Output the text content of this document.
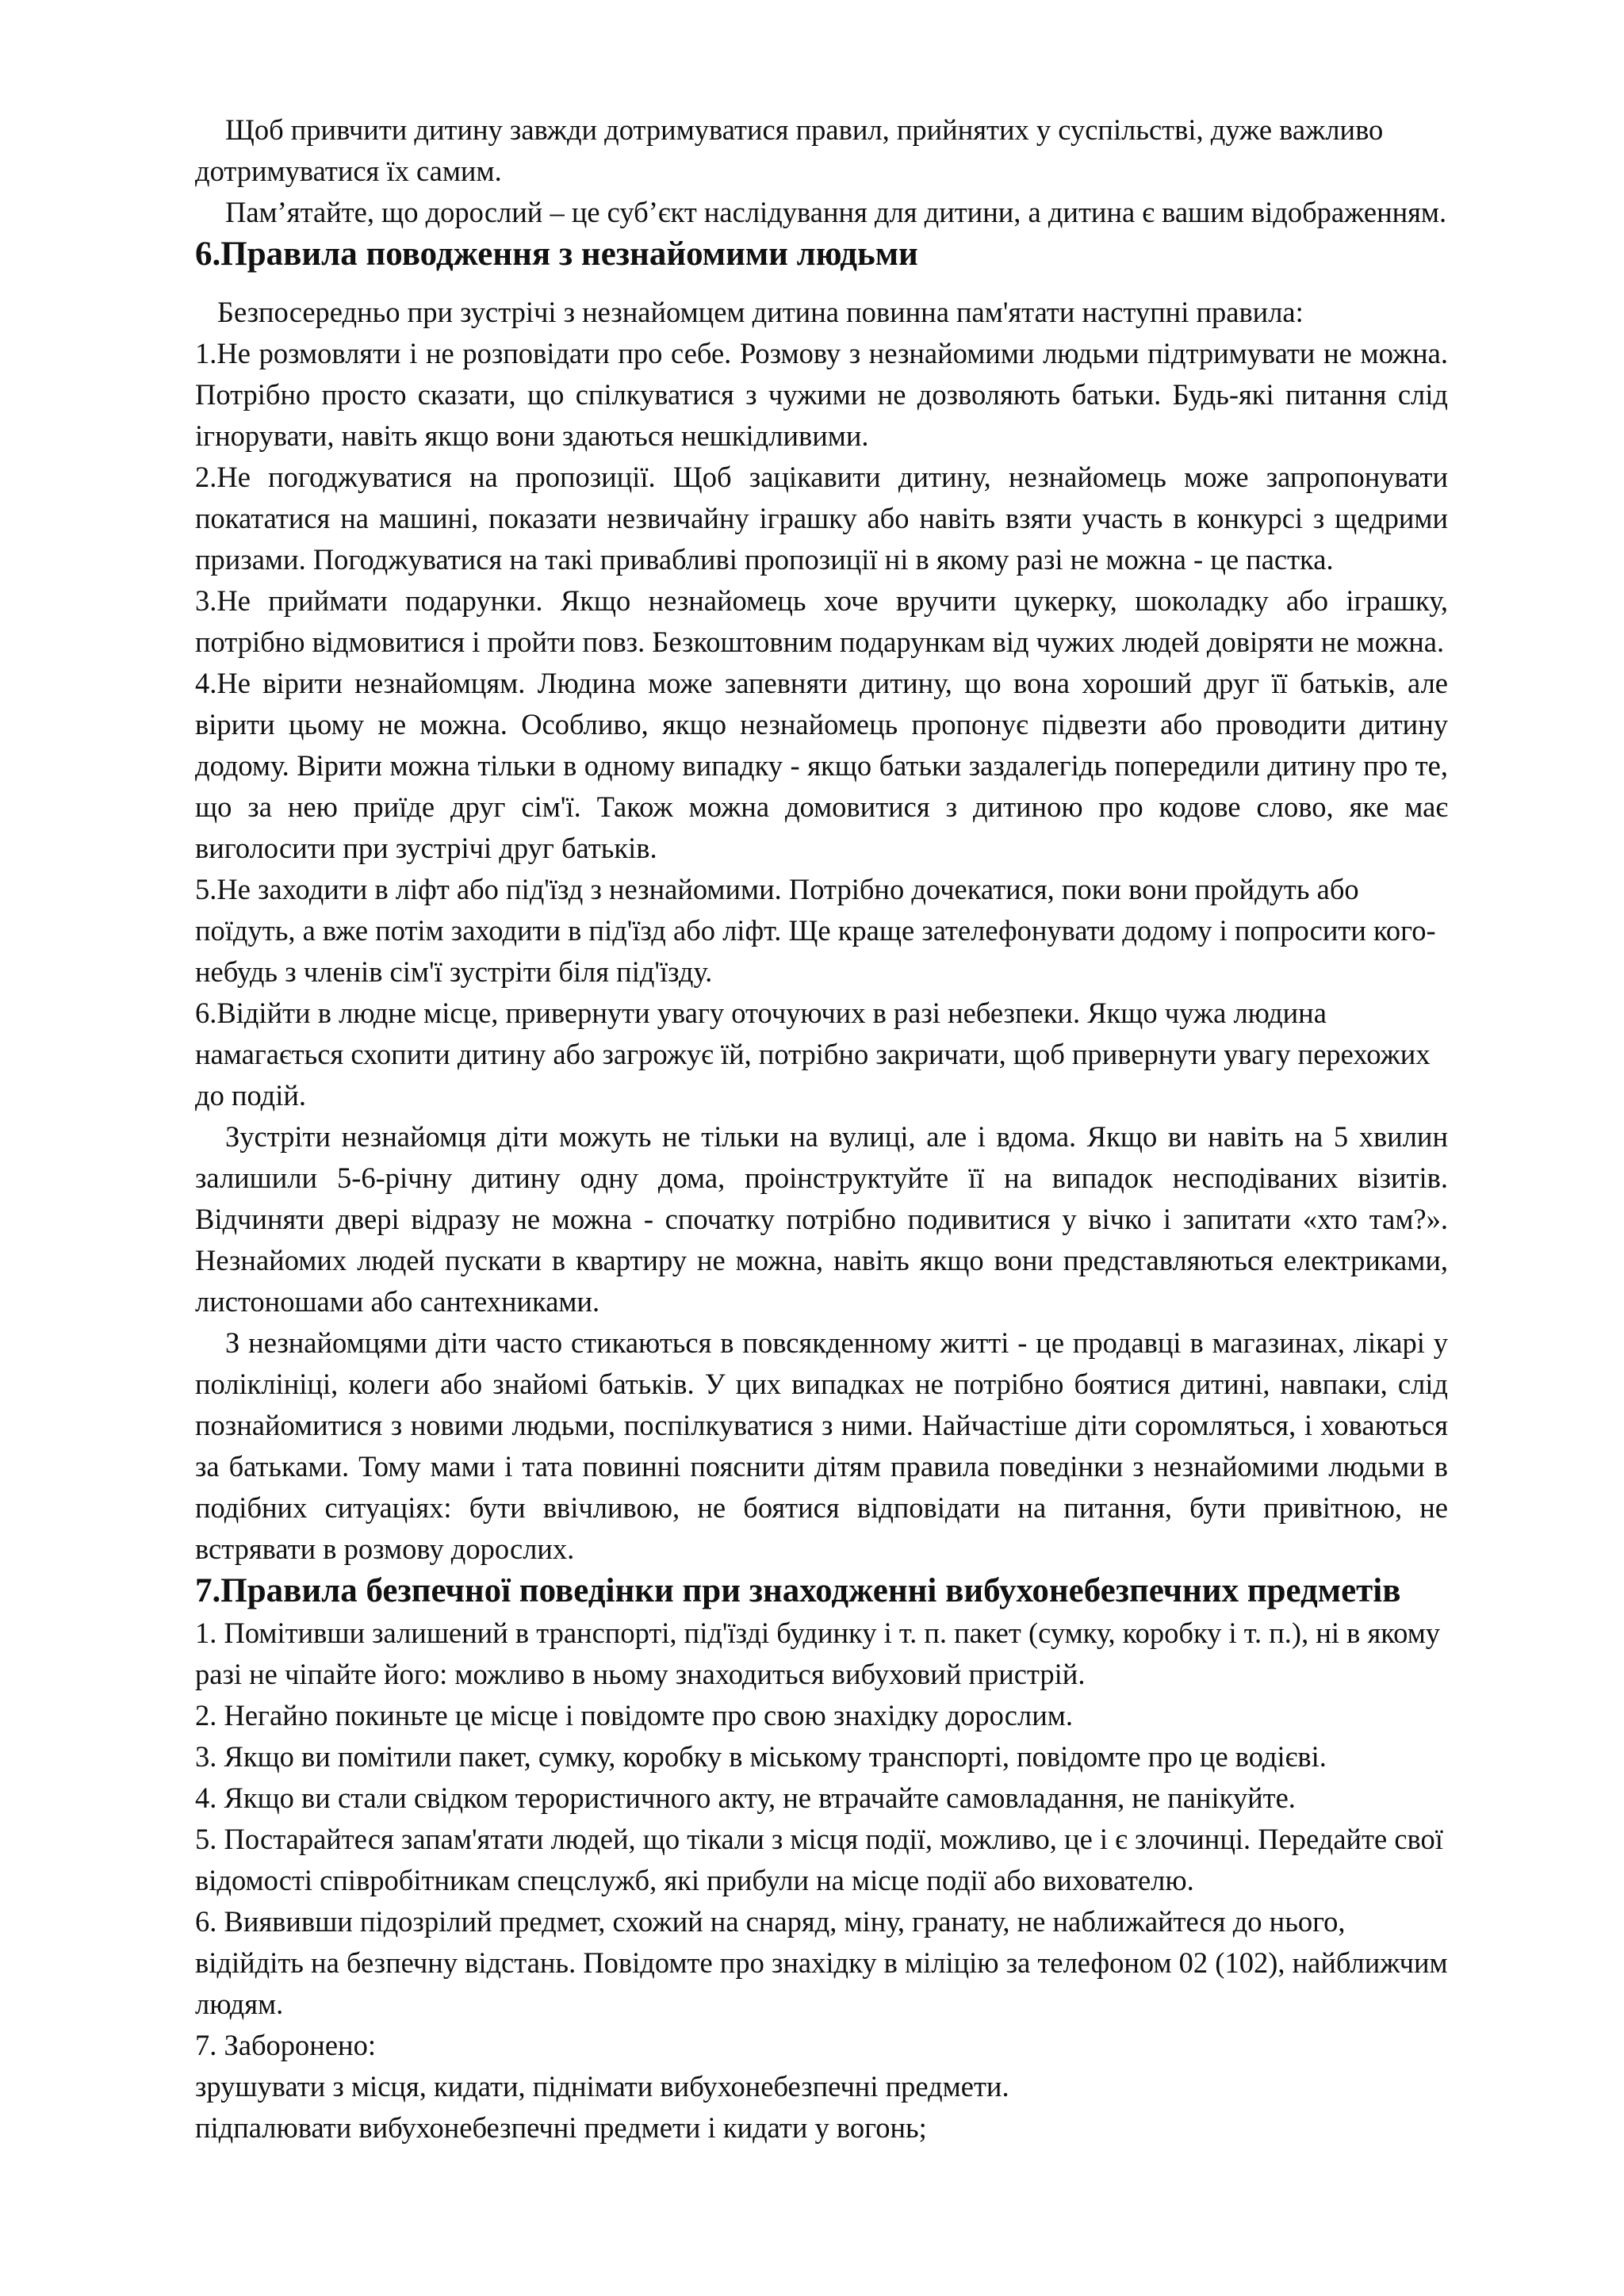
Щоб привчити дитину завжди дотримуватися правил, прийнятих у суспільстві, дуже важливо дотримуватися їх самим.

Пам’ятайте, що дорослий – це суб’єкт наслідування для дитини, а дитина є вашим відображенням.

6.Правила поводження з незнайомими людьми

Безпосередньо при зустрічі з незнайомцем дитина повинна пам'ятати наступні правила:

1.Не розмовляти і не розповідати про себе. Розмову з незнайомими людьми підтримувати не можна. Потрібно просто сказати, що спілкуватися з чужими не дозволяють батьки. Будь-які питання слід ігнорувати, навіть якщо вони здаються нешкідливими.

2.Не погоджуватися на пропозиції. Щоб зацікавити дитину, незнайомець може запропонувати покататися на машині, показати незвичайну іграшку або навіть взяти участь в конкурсі з щедрими призами. Погоджуватися на такі привабливі пропозиції ні в якому разі не можна - це пастка.

3.Не приймати подарунки. Якщо незнайомець хоче вручити цукерку, шоколадку або іграшку, потрібно відмовитися і пройти повз. Безкоштовним подарункам від чужих людей довіряти не можна.

4.Не вірити незнайомцям. Людина може запевняти дитину, що вона хороший друг її батьків, але вірити цьому не можна. Особливо, якщо незнайомець пропонує підвезти або проводити дитину додому. Вірити можна тільки в одному випадку - якщо батьки заздалегідь попередили дитину про те, що за нею приїде друг сім'ї. Також можна домовитися з дитиною про кодове слово, яке має виголосити при зустрічі друг батьків.

5.Не заходити в ліфт або під'їзд з незнайомими. Потрібно дочекатися, поки вони пройдуть або поїдуть, а вже потім заходити в під'їзд або ліфт. Ще краще зателефонувати додому і попросити кого-небудь з членів сім'ї зустріти біля під'їзду.

6.Відійти в людне місце, привернути увагу оточуючих в разі небезпеки. Якщо чужа людина намагається схопити дитину або загрожує їй, потрібно закричати, щоб привернути увагу перехожих до подій.

Зустріти незнайомця діти можуть не тільки на вулиці, але і вдома. Якщо ви навіть на 5 хвилин залишили 5-6-річну дитину одну дома, проінструктуйте її на випадок несподіваних візитів. Відчиняти двері відразу не можна - спочатку потрібно подивитися у вічко і запитати «хто там?». Незнайомих людей пускати в квартиру не можна, навіть якщо вони представляються електриками, листоношами або сантехниками.

З незнайомцями діти часто стикаються в повсякденному житті - це продавці в магазинах, лікарі у поліклініці, колеги або знайомі батьків. У цих випадках не потрібно боятися дитині, навпаки, слід познайомитися з новими людьми, поспілкуватися з ними. Найчастіше діти соромляться, і ховаються за батьками. Тому мами і тата повинні пояснити дітям правила поведінки з незнайомими людьми в подібних ситуаціях: бути ввічливою, не боятися відповідати на питання, бути привітною, не встрявати в розмову дорослих.

7.Правила безпечної поведінки при знаходженні вибухонебезпечних предметів

1. Помітивши залишений в транспорті, під'їзді будинку і т. п. пакет (сумку, коробку і т. п.), ні в якому разі не чіпайте його: можливо в ньому знаходиться вибуховий пристрій.

2. Негайно покиньте це місце і повідомте про свою знахідку дорослим.

3. Якщо ви помітили пакет, сумку, коробку в міському транспорті, повідомте про це водієві.

4. Якщо ви стали свідком терористичного акту, не втрачайте самовладання, не панікуйте.

5. Постарайтеся запам'ятати людей, що тікали з місця події, можливо, це і є злочинці. Передайте свої відомості співробітникам спецслужб, які прибули на місце події або вихователю.

6. Виявивши підозрілий предмет, схожий на снаряд, міну, гранату, не наближайтеся до нього, відійдіть на безпечну відстань. Повідомте про знахідку в міліцію за телефоном 02 (102), найближчим людям.

7. Заборонено:

зрушувати з місця, кидати, піднімати вибухонебезпечні предмети.

підпалювати вибухонебезпечні предмети і кидати у вогонь;
